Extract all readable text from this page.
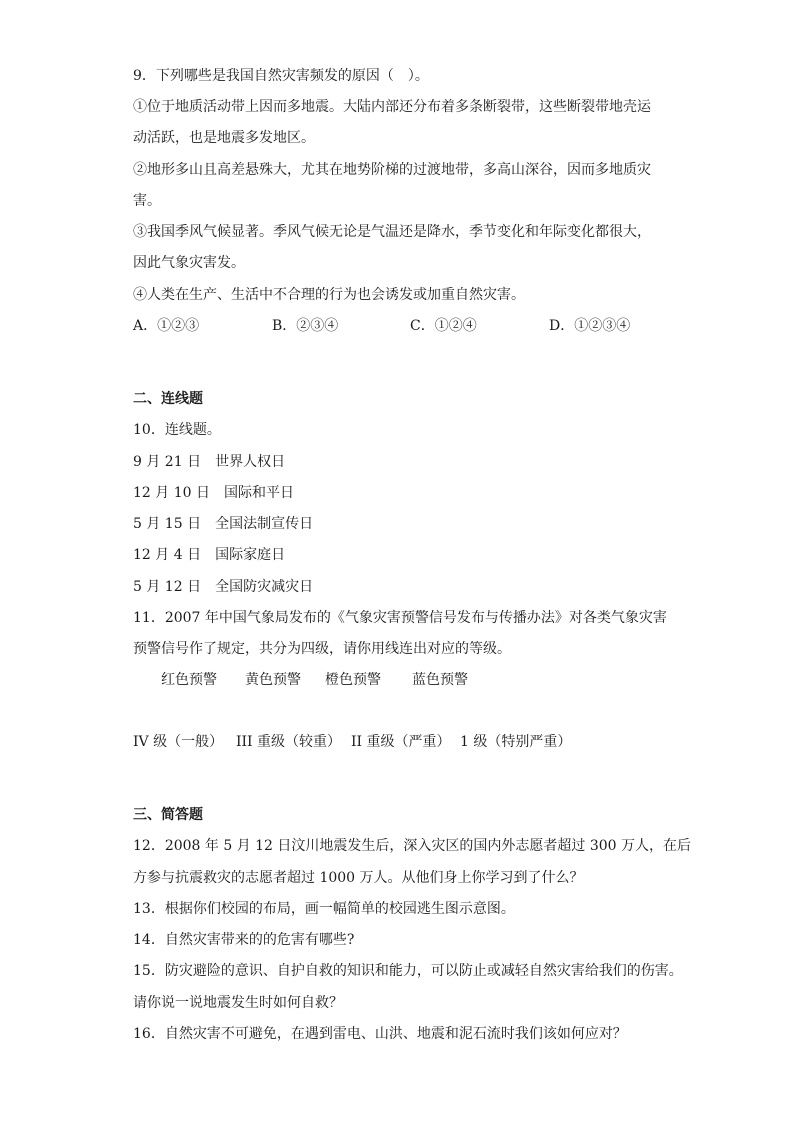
9．下列哪些是我国自然灾害频发的原因（　）。
①位于地质活动带上因而多地震。大陆内部还分布着多条断裂带，这些断裂带地壳运
动活跃，也是地震多发地区。
②地形多山且高差悬殊大，尤其在地势阶梯的过渡地带，多高山深谷，因而多地质灾
害。
③我国季风气候显著。季风气候无论是气温还是降水，季节变化和年际变化都很大，
因此气象灾害发。
④人类在生产、生活中不合理的行为也会诱发或加重自然灾害。
A．①②③	B．②③④	C．①②④	D．①②③④
二、连线题
10．连线题。
9 月 21 日　世界人权日
12 月 10 日　国际和平日
5 月 15 日　全国法制宣传日
12 月 4 日　国际家庭日
5 月 12 日　全国防灾减灾日
11．2007 年中国气象局发布的《气象灾害预警信号发布与传播办法》对各类气象灾害
预警信号作了规定，共分为四级，请你用线连出对应的等级。
红色预警 黄色预警 橙色预警 蓝色预警
IV 级（一般） III 重级（较重） II 重级（严重） 1 级（特别严重）
三、简答题
12．2008 年 5 月 12 日汶川地震发生后，深入灾区的国内外志愿者超过 300 万人，在后
方参与抗震救灾的志愿者超过 1000 万人。从他们身上你学习到了什么？
13．根据你们校园的布局，画一幅简单的校园逃生图示意图。
14．自然灾害带来的的危害有哪些?
15．防灾避险的意识、自护自救的知识和能力，可以防止或减轻自然灾害给我们的伤害。
请你说一说地震发生时如何自救？
16．自然灾害不可避免，在遇到雷电、山洪、地震和泥石流时我们该如何应对？
